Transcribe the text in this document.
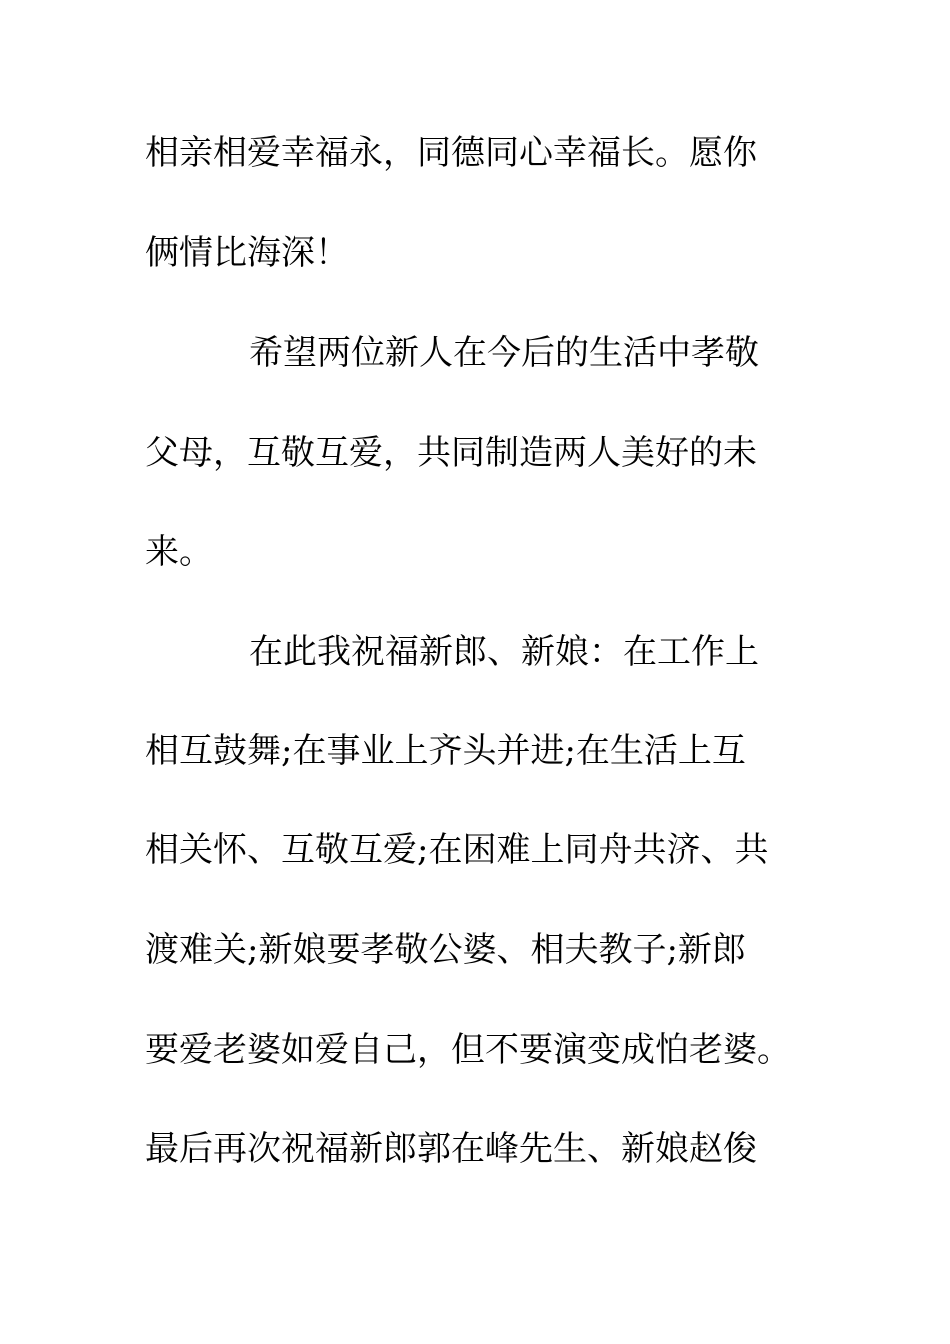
相亲相爱幸福永，同德同心幸福长。愿你
俩情比海深！
希望两位新人在今后的生活中孝敬
父母，互敬互爱，共同制造两人美好的未
来。
在此我祝福新郎、新娘：在工作上
相互鼓舞;在事业上齐头并进;在生活上互
相关怀、互敬互爱;在困难上同舟共济、共
渡难关;新娘要孝敬公婆、相夫教子;新郎
要爱老婆如爱自己，但不要演变成怕老婆。
最后再次祝福新郎郭在峰先生、新娘赵俊
